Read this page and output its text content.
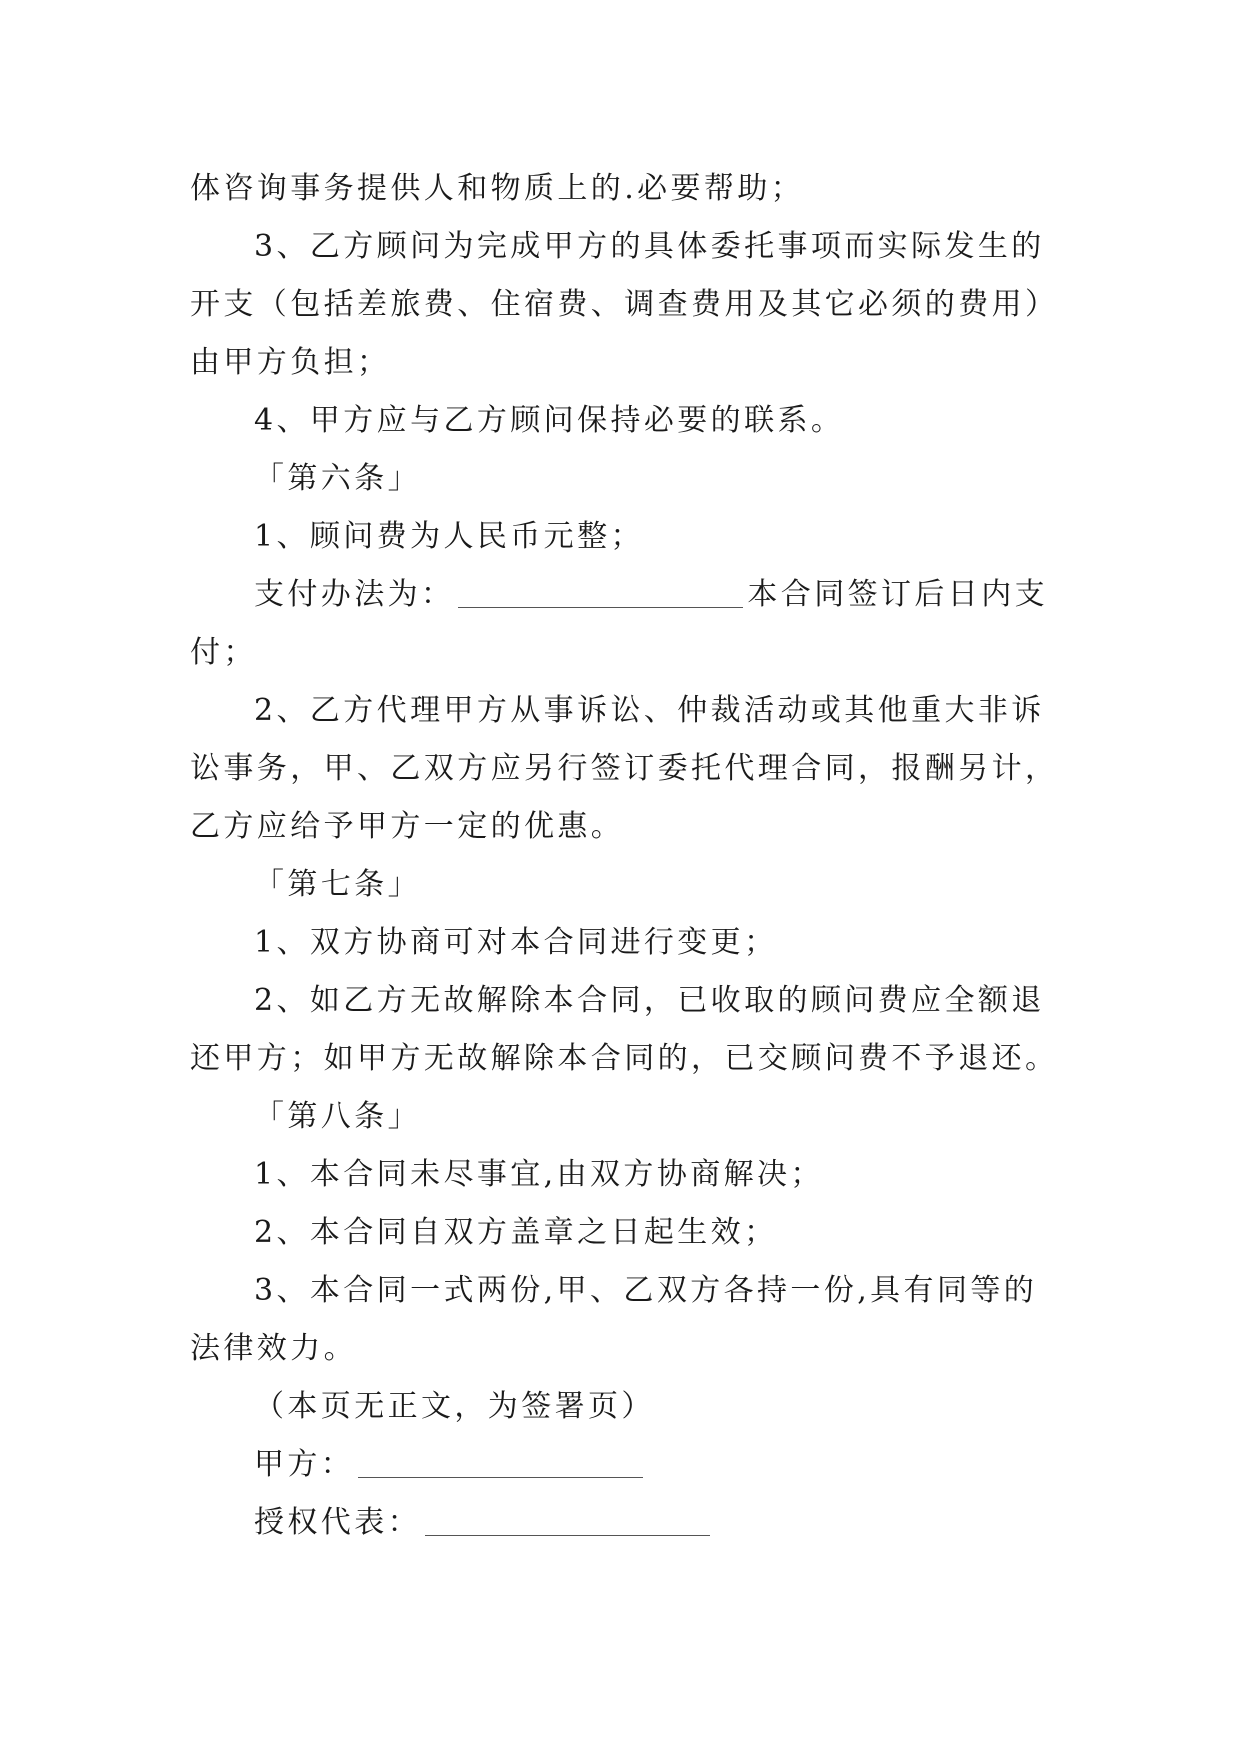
体咨询事务提供人和物质上的.必要帮助；
3、乙方顾问为完成甲方的具体委托事项而实际发生的
开支（包括差旅费、住宿费、调查费用及其它必须的费用）
由甲方负担；
4、甲方应与乙方顾问保持必要的联系。
「第六条」
1、顾问费为人民币元整；
支付办法为：	本合同签订后日内支
付；
2、乙方代理甲方从事诉讼、仲裁活动或其他重大非诉
讼事务，甲、乙双方应另行签订委托代理合同，报酬另计，
乙方应给予甲方一定的优惠。
「第七条」
1、双方协商可对本合同进行变更；
2、如乙方无故解除本合同，已收取的顾问费应全额退
还甲方；如甲方无故解除本合同的，已交顾问费不予退还。
「第八条」
1、本合同未尽事宜,由双方协商解决；
2、本合同自双方盖章之日起生效；
3、本合同一式两份,甲、乙双方各持一份,具有同等的
法律效力。
（本页无正文，为签署页）
甲方：
授权代表：
